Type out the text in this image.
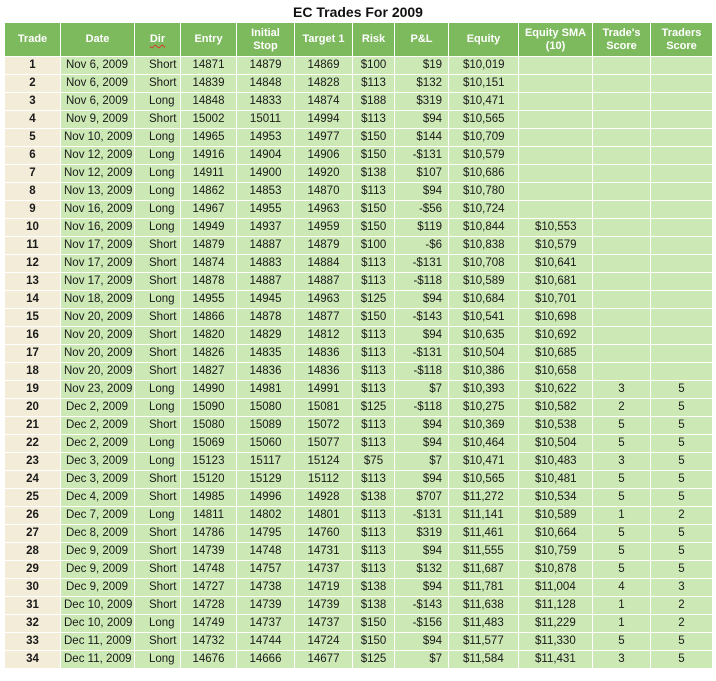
EC Trades For 2009
Trade	Date	Dir	Entry	Initial Stop	Target 1	Risk	P&L	Equity	Equity SMA (10)	Trade's Score	Traders Score
1	Nov 6, 2009	Short	14871	14879	14869	$100	$19	$10,019			
2	Nov 6, 2009	Short	14839	14848	14828	$113	$132	$10,151			
3	Nov 6, 2009	Long	14848	14833	14874	$188	$319	$10,471			
4	Nov 9, 2009	Short	15002	15011	14994	$113	$94	$10,565			
5	Nov 10, 2009	Long	14965	14953	14977	$150	$144	$10,709			
6	Nov 12, 2009	Long	14916	14904	14906	$150	-$131	$10,579			
7	Nov 12, 2009	Long	14911	14900	14920	$138	$107	$10,686			
8	Nov 13, 2009	Long	14862	14853	14870	$113	$94	$10,780			
9	Nov 16, 2009	Long	14967	14955	14963	$150	-$56	$10,724			
10	Nov 16, 2009	Long	14949	14937	14959	$150	$119	$10,844	$10,553		
11	Nov 17, 2009	Short	14879	14887	14879	$100	-$6	$10,838	$10,579		
12	Nov 17, 2009	Short	14874	14883	14884	$113	-$131	$10,708	$10,641		
13	Nov 17, 2009	Short	14878	14887	14887	$113	-$118	$10,589	$10,681		
14	Nov 18, 2009	Long	14955	14945	14963	$125	$94	$10,684	$10,701		
15	Nov 20, 2009	Short	14866	14878	14877	$150	-$143	$10,541	$10,698		
16	Nov 20, 2009	Short	14820	14829	14812	$113	$94	$10,635	$10,692		
17	Nov 20, 2009	Short	14826	14835	14836	$113	-$131	$10,504	$10,685		
18	Nov 20, 2009	Short	14827	14836	14836	$113	-$118	$10,386	$10,658		
19	Nov 23, 2009	Long	14990	14981	14991	$113	$7	$10,393	$10,622	3	5
20	Dec 2, 2009	Long	15090	15080	15081	$125	-$118	$10,275	$10,582	2	5
21	Dec 2, 2009	Short	15080	15089	15072	$113	$94	$10,369	$10,538	5	5
22	Dec 2, 2009	Long	15069	15060	15077	$113	$94	$10,464	$10,504	5	5
23	Dec 3, 2009	Long	15123	15117	15124	$75	$7	$10,471	$10,483	3	5
24	Dec 3, 2009	Short	15120	15129	15112	$113	$94	$10,565	$10,481	5	5
25	Dec 4, 2009	Short	14985	14996	14928	$138	$707	$11,272	$10,534	5	5
26	Dec 7, 2009	Long	14811	14802	14801	$113	-$131	$11,141	$10,589	1	2
27	Dec 8, 2009	Short	14786	14795	14760	$113	$319	$11,461	$10,664	5	5
28	Dec 9, 2009	Short	14739	14748	14731	$113	$94	$11,555	$10,759	5	5
29	Dec 9, 2009	Short	14748	14757	14737	$113	$132	$11,687	$10,878	5	5
30	Dec 9, 2009	Short	14727	14738	14719	$138	$94	$11,781	$11,004	4	3
31	Dec 10, 2009	Short	14728	14739	14739	$138	-$143	$11,638	$11,128	1	2
32	Dec 10, 2009	Long	14749	14737	14737	$150	-$156	$11,483	$11,229	1	2
33	Dec 11, 2009	Short	14732	14744	14724	$150	$94	$11,577	$11,330	5	5
34	Dec 11, 2009	Long	14676	14666	14677	$125	$7	$11,584	$11,431	3	5
